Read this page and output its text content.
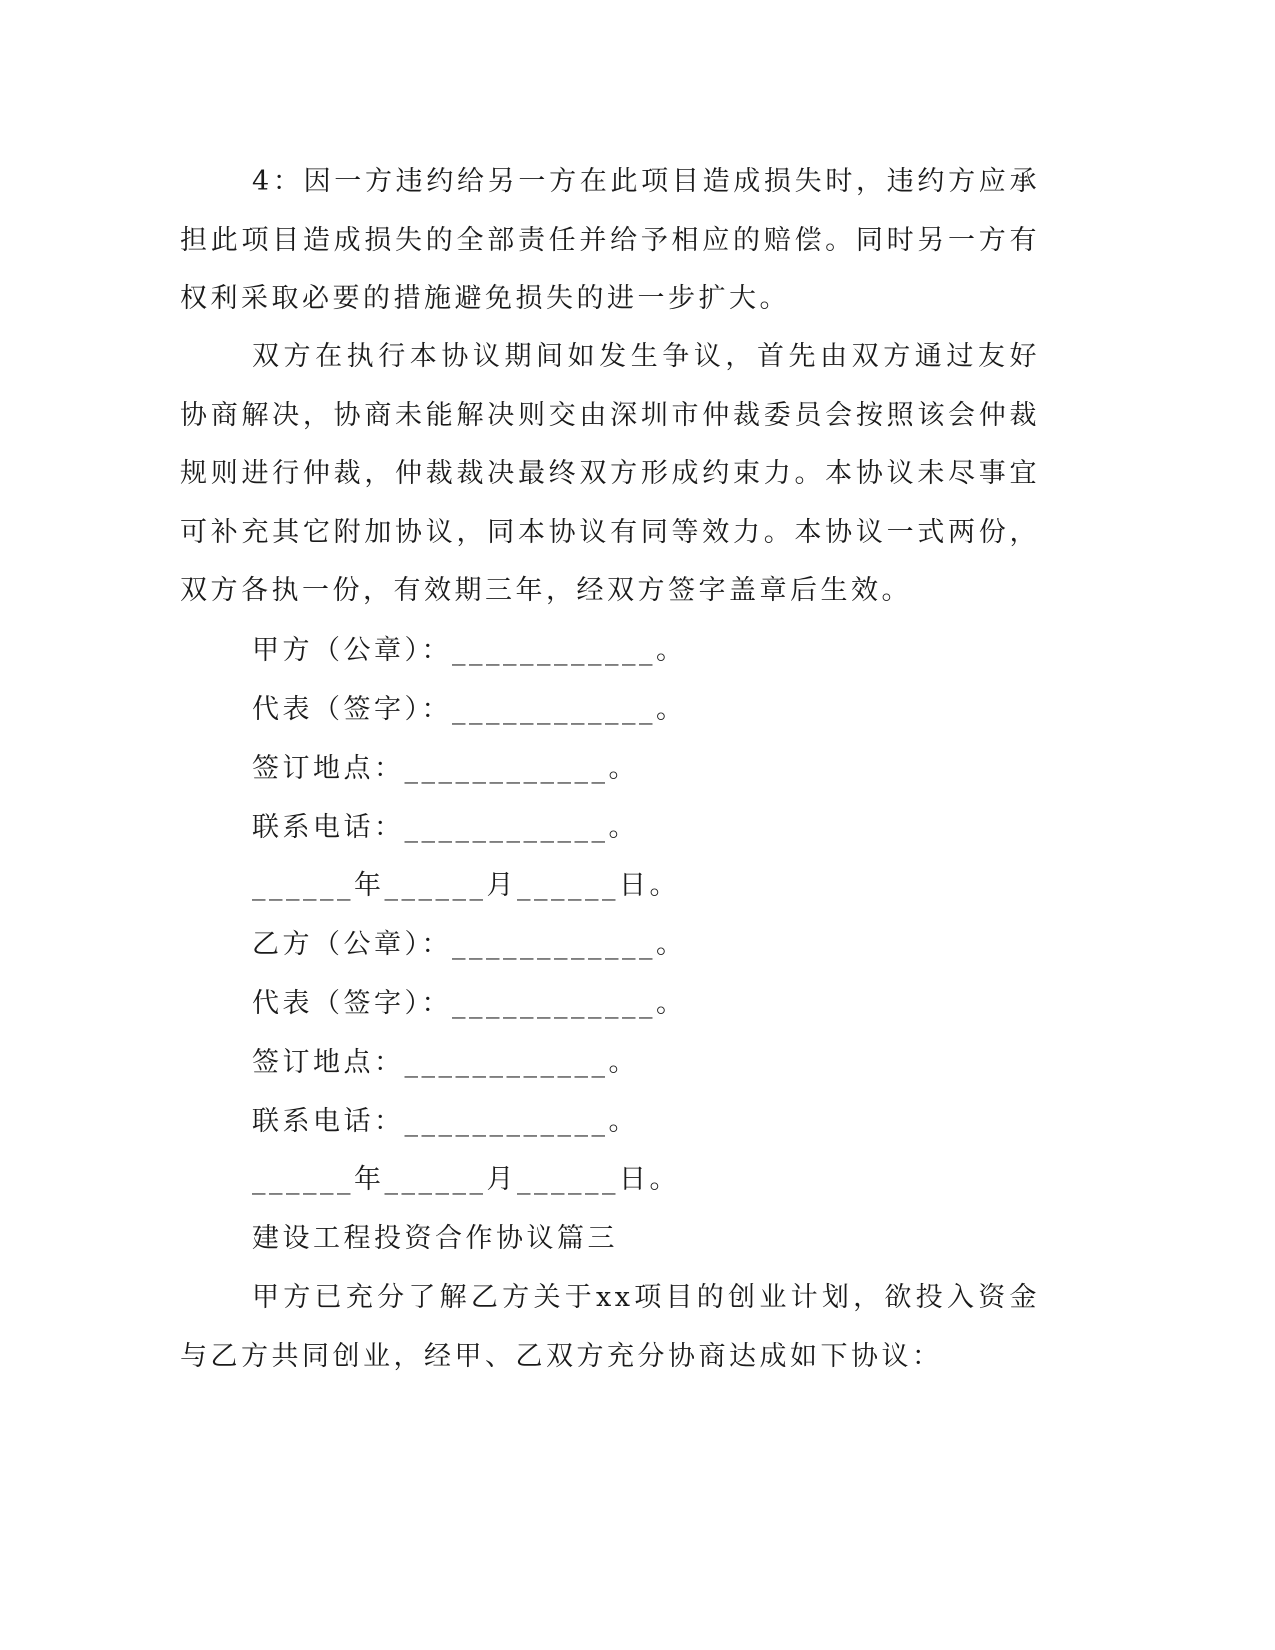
4：因一方违约给另一方在此项目造成损失时，违约方应承担此项目造成损失的全部责任并给予相应的赔偿。同时另一方有权利采取必要的措施避免损失的进一步扩大。

双方在执行本协议期间如发生争议，首先由双方通过友好协商解决，协商未能解决则交由深圳市仲裁委员会按照该会仲裁规则进行仲裁，仲裁裁决最终双方形成约束力。本协议未尽事宜可补充其它附加协议，同本协议有同等效力。本协议一式两份，双方各执一份，有效期三年，经双方签字盖章后生效。

甲方（公章）：____________。

代表（签字）：____________。

签订地点：____________。

联系电话：____________。

______年______月______日。

乙方（公章）：____________。

代表（签字）：____________。

签订地点：____________。

联系电话：____________。

______年______月______日。

建设工程投资合作协议篇三

甲方已充分了解乙方关于xx项目的创业计划，欲投入资金与乙方共同创业，经甲、乙双方充分协商达成如下协议：
